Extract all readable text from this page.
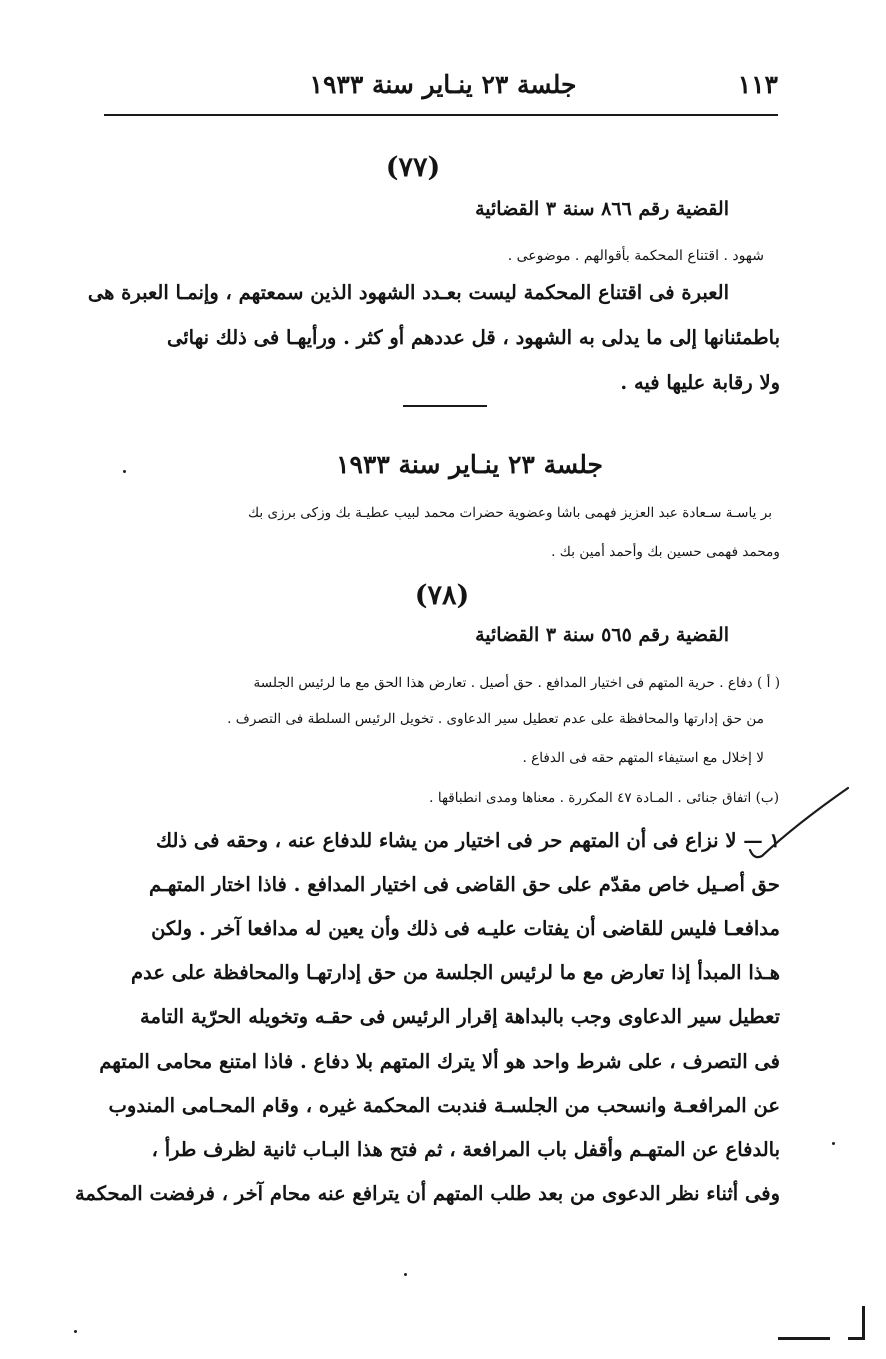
١١٣
جلسة ٢٣ ينـاير سنة ١٩٣٣
(٧٧)
القضية رقم ٨٦٦ سنة ٣ القضائية
شهود . اقتناع المحكمة بأقوالهم . موضوعى .
العبرة فى اقتناع المحكمة ليست بعـدد الشهود الذين سمعتهم ، وإنمـا العبرة هى
باطمئنانها إلى ما يدلى به الشهود ، قل عددهم أو كثر . ورأيهـا فى ذلك نهائى
ولا رقابة عليها فيه .
جلسة ٢٣ ينـاير سنة ١٩٣٣
بر ياسـة سـعادة عبد العزيز فهمى باشا وعضوية حضرات محمد لبيب عطيـة بك وزكى برزى بك
ومحمد فهمى حسين بك وأحمد أمين بك .
(٧٨)
القضية رقم ٥٦٥ سنة ٣ القضائية
( أ ) دفاع . حرية المتهم فى اختيار المدافع . حق أصيل . تعارض هذا الحق مع ما لرئيس الجلسة
من حق إدارتها والمحافظة على عدم تعطيل سير الدعاوى . تخويل الرئيس السلطة فى التصرف .
لا إخلال مع استيفاء المتهم حقه فى الدفاع .
(ب) اتفاق جنائى . المـادة ٤٧ المكررة . معناها ومدى انطباقها .
١ — لا نزاع فى أن المتهم حر فى اختيار من يشاء للدفاع عنه ، وحقه فى ذلك
حق أصـيل خاص مقدّم على حق القاضى فى اختيار المدافع . فاذا اختار المتهـم
مدافعـا فليس للقاضى أن يفتات عليـه فى ذلك وأن يعين له مدافعا آخر . ولكن
هـذا المبدأ إذا تعارض مع ما لرئيس الجلسة من حق إدارتهـا والمحافظة على عدم
تعطيل سير الدعاوى وجب بالبداهة إقرار الرئيس فى حقـه وتخويله الحرّية التامة
فى التصرف ، على شرط واحد هو ألا يترك المتهم بلا دفاع . فاذا امتنع محامى المتهم
عن المرافعـة وانسحب من الجلسـة فندبت المحكمة غيره ، وقام المحـامى المندوب
بالدفاع عن المتهـم وأقفل باب المرافعة ، ثم فتح هذا البـاب ثانية لظرف طرأ ،
وفى أثناء نظر الدعوى من بعد طلب المتهم أن يترافع عنه محام آخر ، فرفضت المحكمة
